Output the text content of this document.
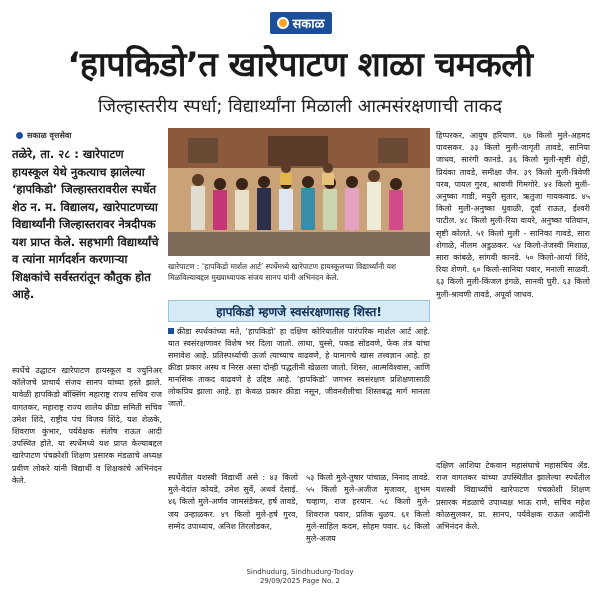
सकाळ
‘हापकिडो’त खारेपाटण शाळा चमकली
जिल्हास्तरीय स्पर्धा; विद्यार्थ्यांना मिळाली आत्मसंरक्षणाची ताकद
सकाळ वृत्तसेवा
तळेरे, ता. २८ : खारेपाटण हायस्कूल येथे नुकत्याच झालेल्या ‘हापकिडो’ जिल्हास्तरावरील स्पर्धेत शेठ न. म. विद्यालय, खारेपाटणच्या विद्यार्थ्यांनी जिल्हास्तरावर नेत्रदीपक यश प्राप्त केले. सहभागी विद्यार्थ्यांचे व त्यांना मार्गदर्शन करणाऱ्या शिक्षकांचे सर्वस्तरांतून कौतुक होत आहे.
खारेपाटण : ‘हापकिडो मार्शल आर्ट’ स्पर्धेमध्ये खारेपाटण हायस्कूलच्या विद्यार्थ्यांनी यश मिळविल्याबद्दल मुख्याध्यापक संजय सानप यांनी अभिनंदन केले.
हापकिडो म्हणजे स्वसंरक्षणासह शिस्त!
क्रीडा स्पर्धकांच्या मते, ‘हापकिडो’ हा दक्षिण कोरियातील पारंपरिक मार्शल आर्ट आहे. यात स्वसंरक्षणावर विशेष भर दिला जातो. लाथा, घुस्से, पकड सोडवणे, फेक तंत्र यांचा समावेश आहे. प्रतिस्पर्ध्याची ऊर्जा त्याच्याच वाढवणे, हे यामागचे खास तत्त्वज्ञान आहे. हा क्रीडा प्रकार अस्थ व निरस असा दोन्ही पद्धतीनी खेळला जातो. शिस्त, आत्मविश्वास, आणि मानसिक ताकद वाढवणे हे उद्दिष्ट आहे. ‘हापकिडो’ जगभर स्वसंरक्षण प्रशिक्षणासाठी लोकप्रिय झाला आहे. हा केवळ प्रकार क्रीडा नसून, जीवनशैलीचा शिस्तबद्ध मार्ग मानला जातो.
स्पर्धेचे उद्घाटन खारेपाटण हायस्कूल व ज्युनिअर कॉलेजचे प्राचार्य संजय सानप यांच्या हस्ते झाले. यावेळी हापकिडो बॉक्सिंग महाराष्ट्र राज्य सचिव राज वागतकर, महाराष्ट्र राज्य शालेय क्रीडा समिती सचिव उमेश शिंदे, राष्ट्रीय पंच विजय शिंदे, यश शेळके, शिवराण कुंभार, पर्यवेक्षक संतोष राऊत आदी उपस्थित होते. या स्पर्धेमध्ये यश प्राप्त केल्याबद्दल खारेपाटण पंचक्रोशी शिक्षण प्रसारक मंडळाचे अध्यक्ष प्रवीण लोकरे यांनी विद्यार्थी व शिक्षकांचे अभिनंदन केले.	स्पर्धेतील यशस्वी विद्यार्थी असे : ४३ किलो मुले-वेदांत कोयडे, उमेश सुर्वे, अथर्व देसाई. ४६ किलो मुले-अर्णव जामसंडेकर, हर्ष तावडे, जय उन्हाळकर. ४९ किलो मुले-हर्ष गुरव, सम्मेद उपाध्याय, अनिश तिरलोडकर,
५३ किलो मुले-तुषार पांचाळ, निनाद तावडे. ५५ किलो मुले-अजीज मुजावर, शुभम चव्हाण, राज हरयान. ५८ किलो मुले-शिवराज पवार, प्रतिक धुळप. ६१ किलो मुले-साहिल कदम, सोहम पवार. ६८ किलो मुले-अजय
हिप्परकर, आयुष हरियाण. ६७ किलो मुले-अहमद पावसकर. ३३ किलो मुली-जागृती तावडे, सानिया जाधव, सारंगी कानडे. ३६ किलो मुली-सृष्टी शेट्टी, प्रियंका तावडे, समीक्षा जैन. ३९ किलो मुली-त्रिवेणी परब, पायल गुरव, श्रावणी गिमगोरे. ४२ किलो मुली-अनुष्का गाडी, मयुरी सुतार, ऋतुजा गायकवाड. ४५ किलो मुली-अनुष्का धुवाळी, दूर्वा राऊत, ईश्वरी पाटील. ४८ किलो मुली-रिया वायरे, अनुष्का पतियान, सृष्टी कोलते. ५१ किलो मुली - सानिका गावडे, सारा शेगाळे, नीलम अडुळकर. ५४ किलो-तेजस्वी मिशाळ, सारा कांबळे, सांगवी कानडे. ५० किलो-आर्या शिंदे, रिया शेणगे. ६० किलो-सानिया पवार, मनाली साळवी. ६३ किलो मुली-किंजल इंगळे, सानवी घुरी. ६३ किलो मुली-श्रावणी तावडे, अपूर्वा जाधव.
दक्षिण आशिया टेकवान महासंघाचे महासचिव ॲड. राज वागतकर यांच्या उपस्थितीत झालेल्या स्पर्धेतील यशस्वी विद्यार्थ्यांचे खारेपाटण पंचक्रोशी शिक्षण प्रसारक मंडळाचे उपाध्यक्ष भाऊ राणे, सचिव महेश कोळसुलकर, प्रा. सानप, पर्यवेक्षक राऊत आदींनी अभिनंदन केले.
Sindhudurg, Sindhudurg-Today
29/09/2025 Page No. 2
